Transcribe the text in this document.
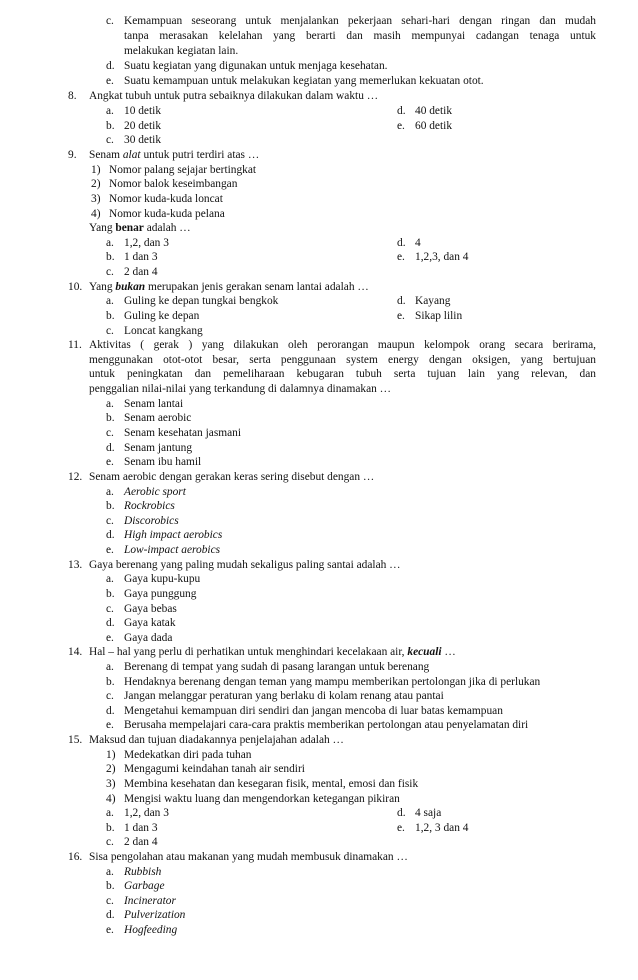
c. Kemampuan seseorang untuk menjalankan pekerjaan sehari-hari dengan ringan dan mudah
tanpa merasakan kelelahan yang berarti dan masih mempunyai cadangan tenaga untuk
melakukan kegiatan lain.
d. Suatu kegiatan yang digunakan untuk menjaga kesehatan.
e. Suatu kemampuan untuk melakukan kegiatan yang memerlukan kekuatan otot.
8. Angkat tubuh untuk putra sebaiknya dilakukan dalam waktu …
a. 10 detik	d. 40 detik
b. 20 detik	e. 60 detik
c. 30 detik
9. Senam alat untuk putri terdiri atas …
1) Nomor palang sejajar bertingkat
2) Nomor balok keseimbangan
3) Nomor kuda-kuda loncat
4) Nomor kuda-kuda pelana
Yang benar adalah …
a. 1,2, dan 3	d. 4
b. 1 dan 3	e. 1,2,3, dan 4
c. 2 dan 4
10. Yang bukan merupakan jenis gerakan senam lantai adalah …
a. Guling ke depan tungkai bengkok	d. Kayang
b. Guling ke depan	e. Sikap lilin
c. Loncat kangkang
11. Aktivitas ( gerak ) yang dilakukan oleh perorangan maupun kelompok orang secara berirama,
menggunakan otot-otot besar, serta penggunaan system energy dengan oksigen, yang bertujuan
untuk peningkatan dan pemeliharaan kebugaran tubuh serta tujuan lain yang relevan, dan
penggalian nilai-nilai yang terkandung di dalamnya dinamakan …
a. Senam lantai
b. Senam aerobic
c. Senam kesehatan jasmani
d. Senam jantung
e. Senam ibu hamil
12. Senam aerobic dengan gerakan keras sering disebut dengan …
a. Aerobic sport
b. Rockrobics
c. Discorobics
d. High impact aerobics
e. Low-impact aerobics
13. Gaya berenang yang paling mudah sekaligus paling santai adalah …
a. Gaya kupu-kupu
b. Gaya punggung
c. Gaya bebas
d. Gaya katak
e. Gaya dada
14. Hal – hal yang perlu di perhatikan untuk menghindari kecelakaan air, kecuali …
a. Berenang di tempat yang sudah di pasang larangan untuk berenang
b. Hendaknya berenang dengan teman yang mampu memberikan pertolongan jika di perlukan
c. Jangan melanggar peraturan yang berlaku di kolam renang atau pantai
d. Mengetahui kemampuan diri sendiri dan jangan mencoba di luar batas kemampuan
e. Berusaha mempelajari cara-cara praktis memberikan pertolongan atau penyelamatan diri
15. Maksud dan tujuan diadakannya penjelajahan adalah …
1) Medekatkan diri pada tuhan
2) Mengagumi keindahan tanah air sendiri
3) Membina kesehatan dan kesegaran fisik, mental, emosi dan fisik
4) Mengisi waktu luang dan mengendorkan ketegangan pikiran
a. 1,2, dan 3	d. 4 saja
b. 1 dan 3	e. 1,2, 3 dan 4
c. 2 dan 4
16. Sisa pengolahan atau makanan yang mudah membusuk dinamakan …
a. Rubbish
b. Garbage
c. Incinerator
d. Pulverization
e. Hogfeeding
